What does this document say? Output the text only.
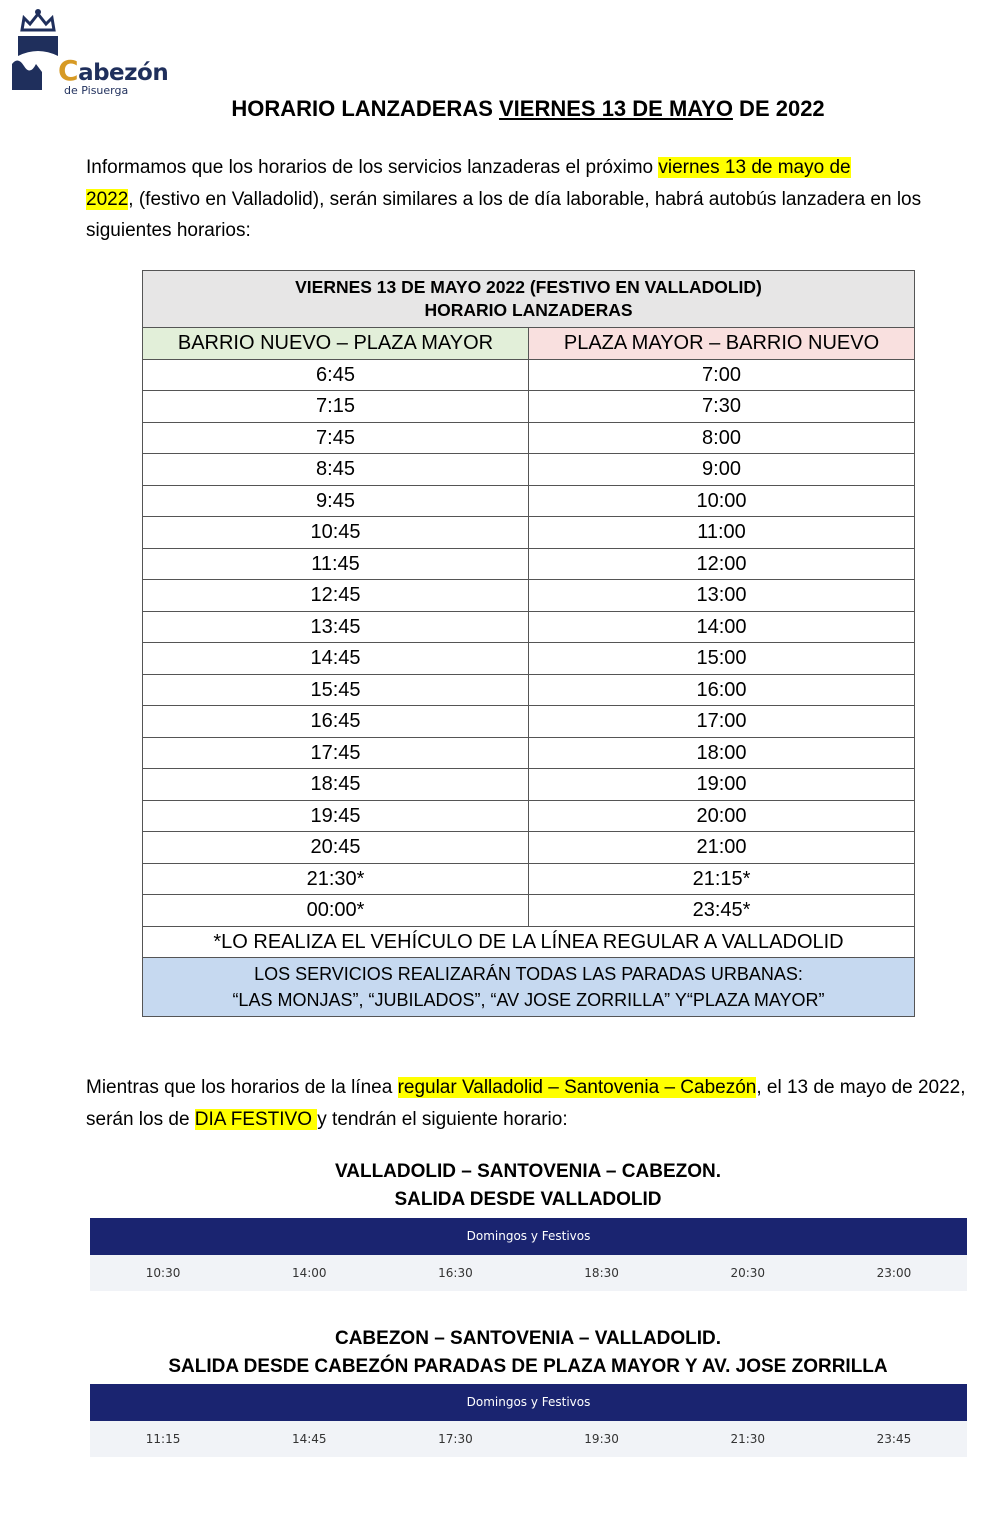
Cabezón
de Pisuerga
HORARIO LANZADERAS VIERNES 13 DE MAYO DE 2022

Informamos que los horarios de los servicios lanzaderas el próximo viernes 13 de mayo de
2022, (festivo en Valladolid), serán similares a los de día laborable, habrá autobús lanzadera en los siguientes horarios:

VIERNES 13 DE MAYO 2022 (FESTIVO EN VALLADOLID)
HORARIO LANZADERAS	
BARRIO NUEVO – PLAZA MAYOR	PLAZA MAYOR – BARRIO NUEVO
6:45	7:00
7:15	7:30
7:45	8:00
8:45	9:00
9:45	10:00
10:45	11:00
11:45	12:00
12:45	13:00
13:45	14:00
14:45	15:00
15:45	16:00
16:45	17:00
17:45	18:00
18:45	19:00
19:45	20:00
20:45	21:00
21:30*	21:15*
00:00*	23:45*
*LO REALIZA EL VEHÍCULO DE LA LÍNEA REGULAR A VALLADOLID	
LOS SERVICIOS REALIZARÁN TODAS LAS PARADAS URBANAS:
“LAS MONJAS”, “JUBILADOS”, “AV JOSE ZORRILLA” Y“PLAZA MAYOR”	

Mientras que los horarios de la línea regular Valladolid – Santovenia – Cabezón, el 13 de mayo de 2022, serán los de DIA FESTIVO y tendrán el siguiente horario:

VALLADOLID – SANTOVENIA – CABEZON.
SALIDA DESDE VALLADOLID
Domingos y Festivos
10:30	14:00	16:30	18:30	20:30	23:00
CABEZON – SANTOVENIA – VALLADOLID.
SALIDA DESDE CABEZÓN PARADAS DE PLAZA MAYOR Y AV. JOSE ZORRILLA
Domingos y Festivos
11:15	14:45	17:30	19:30	21:30	23:45
